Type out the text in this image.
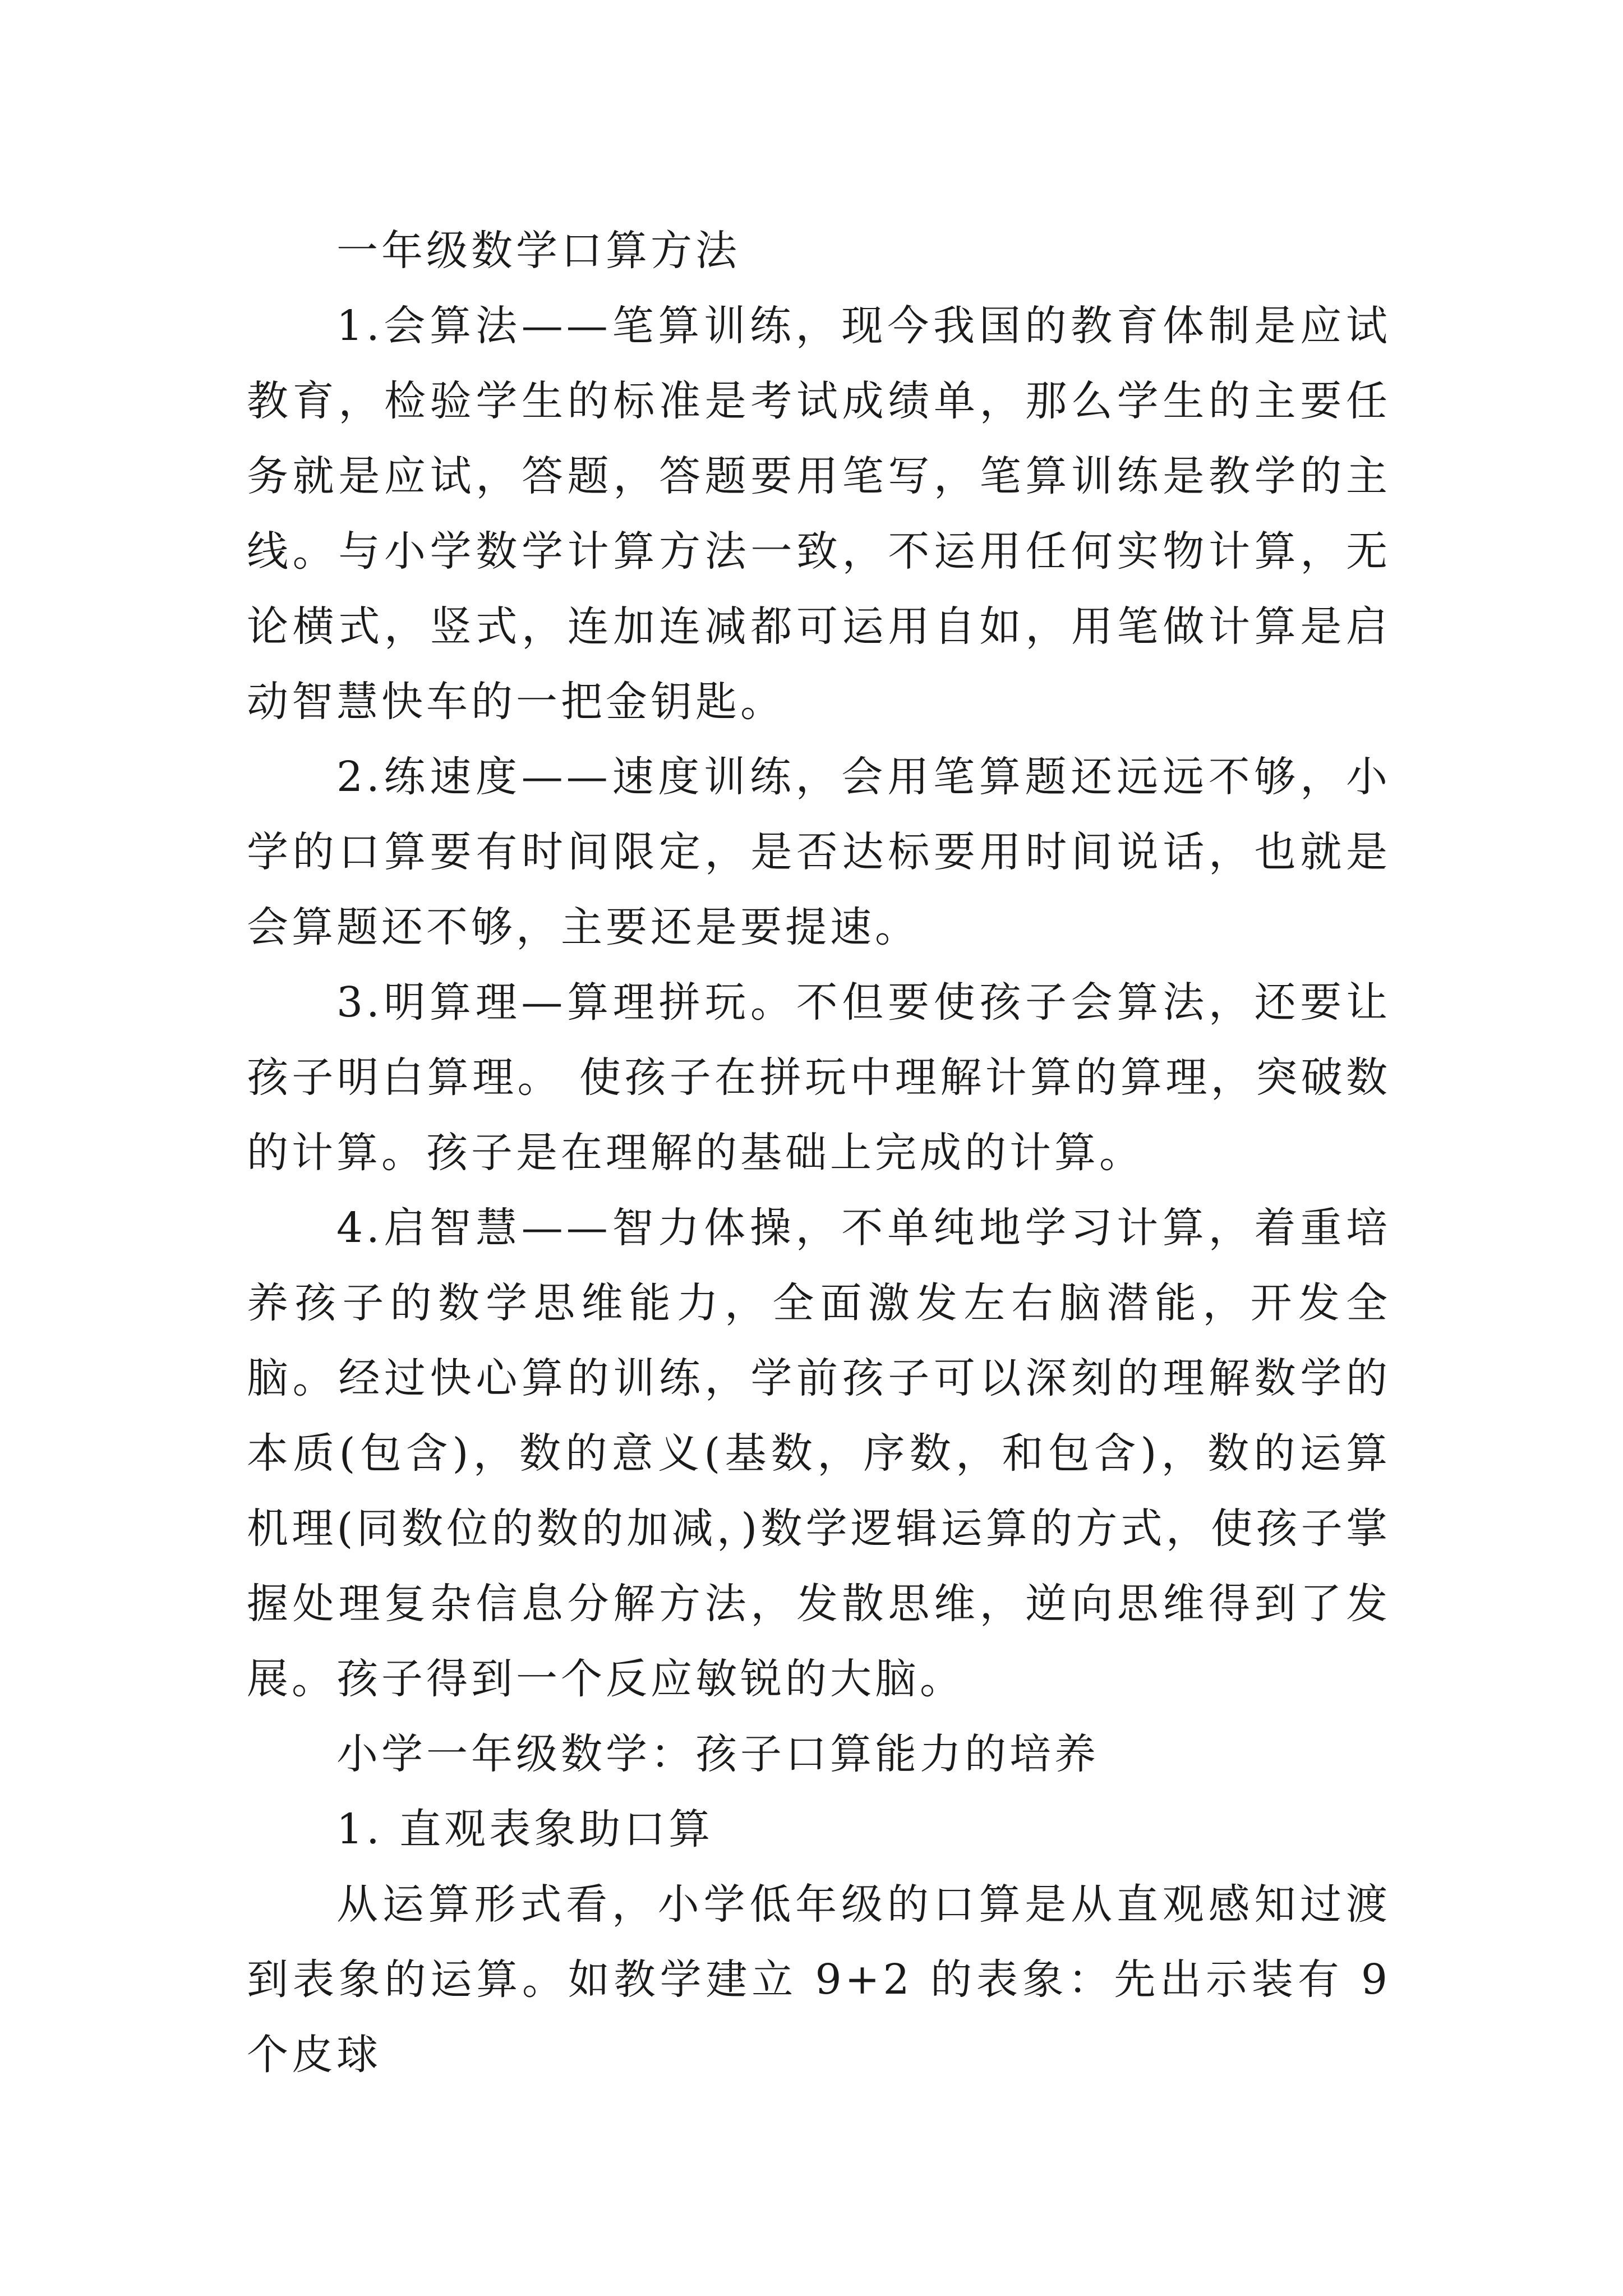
一年级数学口算方法

1.会算法——笔算训练，现今我国的教育体制是应试教育，检验学生的标准是考试成绩单，那么学生的主要任务就是应试，答题，答题要用笔写，笔算训练是教学的主线。与小学数学计算方法一致，不运用任何实物计算，无论横式，竖式，连加连减都可运用自如，用笔做计算是启动智慧快车的一把金钥匙。

2.练速度——速度训练，会用笔算题还远远不够，小学的口算要有时间限定，是否达标要用时间说话，也就是会算题还不够，主要还是要提速。

3.明算理—算理拼玩。不但要使孩子会算法，还要让孩子明白算理。 使孩子在拼玩中理解计算的算理，突破数的计算。孩子是在理解的基础上完成的计算。

4.启智慧——智力体操，不单纯地学习计算，着重培养孩子的数学思维能力，全面激发左右脑潜能，开发全脑。经过快心算的训练，学前孩子可以深刻的理解数学的本质(包含)，数的意义(基数，序数，和包含)，数的运算机理(同数位的数的加减，)数学逻辑运算的方式，使孩子掌握处理复杂信息分解方法，发散思维，逆向思维得到了发展。孩子得到一个反应敏锐的大脑。

小学一年级数学：孩子口算能力的培养

1. 直观表象助口算

从运算形式看，小学低年级的口算是从直观感知过渡到表象的运算。如教学建立 9+2 的表象：先出示装有 9 个皮球
